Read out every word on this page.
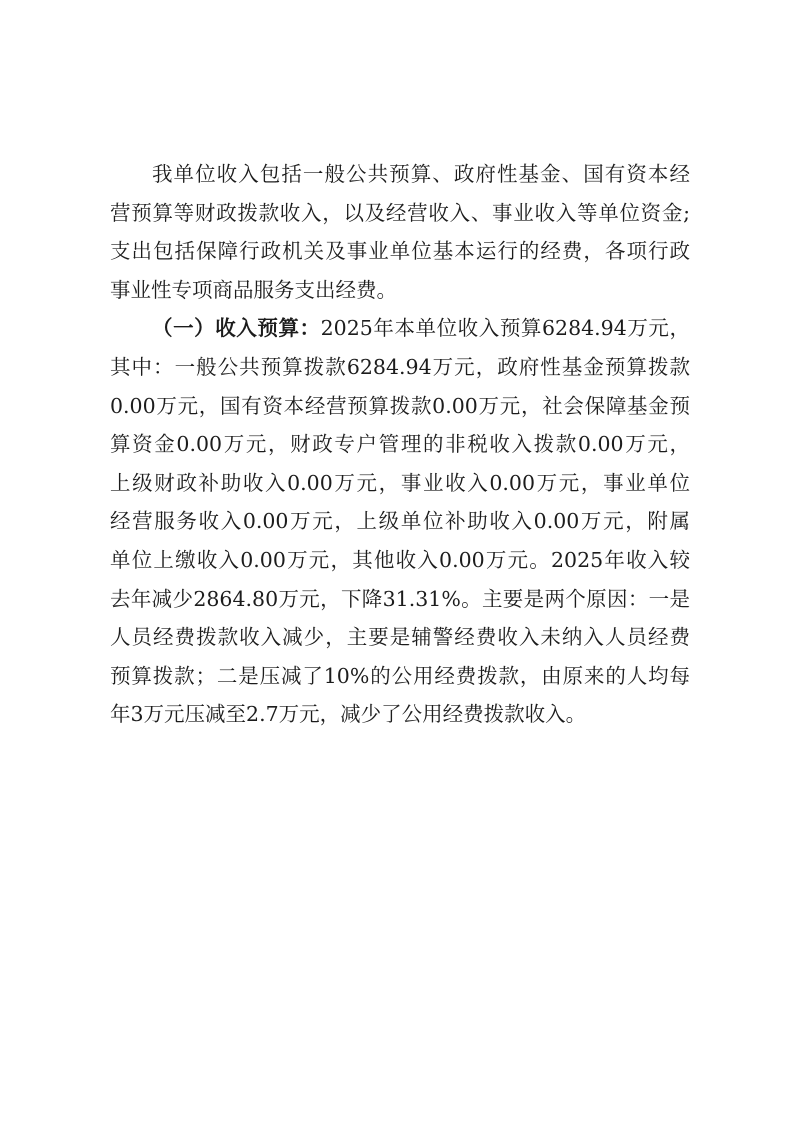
我单位收入包括一般公共预算、政府性基金、国有资本经
营预算等财政拨款收入，以及经营收入、事业收入等单位资金;
支出包括保障行政机关及事业单位基本运行的经费，各项行政
事业性专项商品服务支出经费。
（一）收入预算：2025年本单位收入预算6284.94万元，
其中：一般公共预算拨款6284.94万元，政府性基金预算拨款
0.00万元，国有资本经营预算拨款0.00万元，社会保障基金预
算资金0.00万元，财政专户管理的非税收入拨款0.00万元，
上级财政补助收入0.00万元，事业收入0.00万元，事业单位
经营服务收入0.00万元，上级单位补助收入0.00万元，附属
单位上缴收入0.00万元，其他收入0.00万元。2025年收入较
去年减少2864.80万元，下降31.31%。主要是两个原因：一是
人员经费拨款收入减少，主要是辅警经费收入未纳入人员经费
预算拨款；二是压减了10%的公用经费拨款，由原来的人均每
年3万元压减至2.7万元，减少了公用经费拨款收入。
